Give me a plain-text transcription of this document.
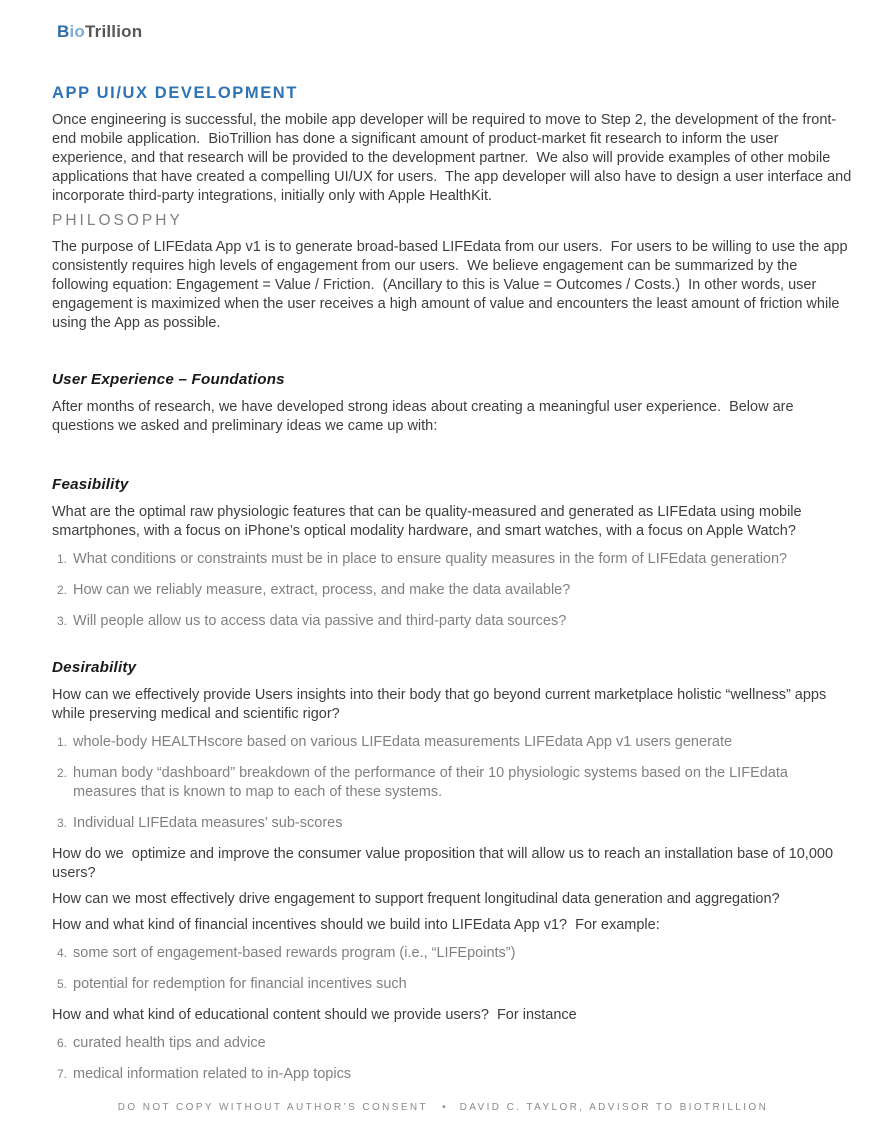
BioTrillion
APP UI/UX DEVELOPMENT
Once engineering is successful, the mobile app developer will be required to move to Step 2, the development of the front-end mobile application.  BioTrillion has done a significant amount of product-market fit research to inform the user experience, and that research will be provided to the development partner.  We also will provide examples of other mobile applications that have created a compelling UI/UX for users.  The app developer will also have to design a user interface and incorporate third-party integrations, initially only with Apple HealthKit.
PHILOSOPHY
The purpose of LIFEdata App v1 is to generate broad-based LIFEdata from our users.  For users to be willing to use the app consistently requires high levels of engagement from our users.  We believe engagement can be summarized by the following equation: Engagement = Value / Friction.  (Ancillary to this is Value = Outcomes / Costs.)  In other words, user engagement is maximized when the user receives a high amount of value and encounters the least amount of friction while using the App as possible.
User Experience – Foundations
After months of research, we have developed strong ideas about creating a meaningful user experience.  Below are questions we asked and preliminary ideas we came up with:
Feasibility
What are the optimal raw physiologic features that can be quality-measured and generated as LIFEdata using mobile smartphones, with a focus on iPhone’s optical modality hardware, and smart watches, with a focus on Apple Watch?
1. What conditions or constraints must be in place to ensure quality measures in the form of LIFEdata generation?
2. How can we reliably measure, extract, process, and make the data available?
3. Will people allow us to access data via passive and third-party data sources?
Desirability
How can we effectively provide Users insights into their body that go beyond current marketplace holistic “wellness” apps while preserving medical and scientific rigor?
1. whole-body HEALTHscore based on various LIFEdata measurements LIFEdata App v1 users generate
2. human body “dashboard” breakdown of the performance of their 10 physiologic systems based on the LIFEdata measures that is known to map to each of these systems.
3. Individual LIFEdata measures’ sub-scores
How do we  optimize and improve the consumer value proposition that will allow us to reach an installation base of 10,000 users?
How can we most effectively drive engagement to support frequent longitudinal data generation and aggregation?
How and what kind of financial incentives should we build into LIFEdata App v1?  For example:
4. some sort of engagement-based rewards program (i.e., “LIFEpoints”)
5. potential for redemption for financial incentives such
How and what kind of educational content should we provide users?  For instance
6. curated health tips and advice
7. medical information related to in-App topics
DO NOT COPY WITHOUT AUTHOR’S CONSENT • DAVID C. TAYLOR, ADVISOR TO BIOTRILLION
